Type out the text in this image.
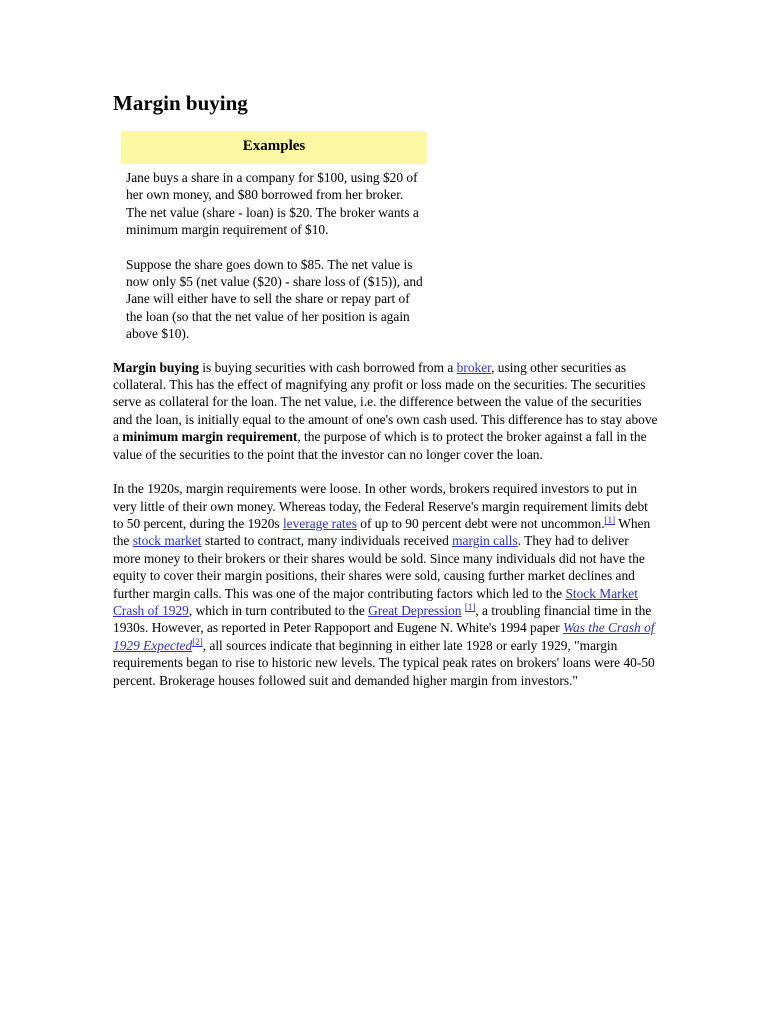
Margin buying
Examples

Jane buys a share in a company for $100, using $20 of her own money, and $80 borrowed from her broker. The net value (share - loan) is $20. The broker wants a minimum margin requirement of $10.

Suppose the share goes down to $85. The net value is now only $5 (net value ($20) - share loss of ($15)), and Jane will either have to sell the share or repay part of the loan (so that the net value of her position is again above $10).

Margin buying is buying securities with cash borrowed from a broker, using other securities as collateral. This has the effect of magnifying any profit or loss made on the securities. The securities serve as collateral for the loan. The net value, i.e. the difference between the value of the securities and the loan, is initially equal to the amount of one's own cash used. This difference has to stay above a minimum margin requirement, the purpose of which is to protect the broker against a fall in the value of the securities to the point that the investor can no longer cover the loan.

In the 1920s, margin requirements were loose. In other words, brokers required investors to put in very little of their own money. Whereas today, the Federal Reserve's margin requirement limits debt to 50 percent, during the 1920s leverage rates of up to 90 percent debt were not uncommon.[1] When the stock market started to contract, many individuals received margin calls. They had to deliver more money to their brokers or their shares would be sold. Since many individuals did not have the equity to cover their margin positions, their shares were sold, causing further market declines and further margin calls. This was one of the major contributing factors which led to the Stock Market Crash of 1929, which in turn contributed to the Great Depression [1], a troubling financial time in the 1930s. However, as reported in Peter Rappoport and Eugene N. White's 1994 paper Was the Crash of 1929 Expected[2], all sources indicate that beginning in either late 1928 or early 1929, "margin requirements began to rise to historic new levels. The typical peak rates on brokers' loans were 40-50 percent. Brokerage houses followed suit and demanded higher margin from investors."
